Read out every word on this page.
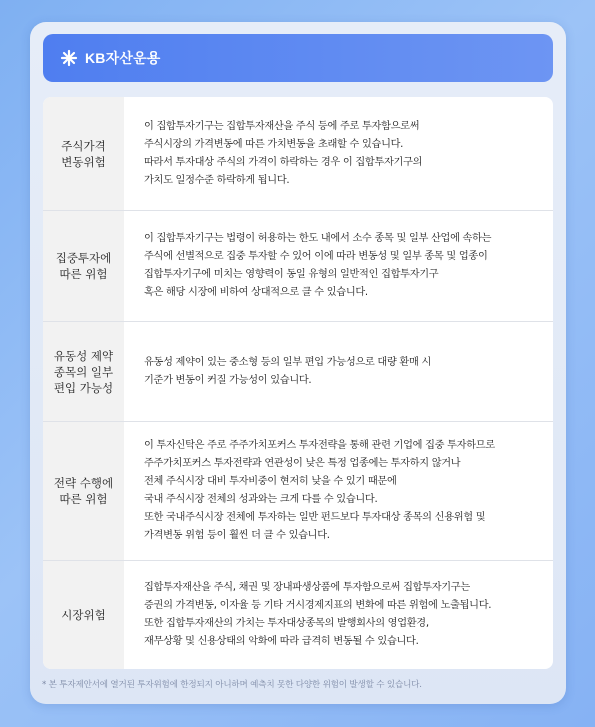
KB자산운용
주식가격
변동위험
이 집합투자기구는 집합투자재산을 주식 등에 주로 투자함으로써
주식시장의 가격변동에 따른 가치변동을 초래할 수 있습니다.
따라서 투자대상 주식의 가격이 하락하는 경우 이 집합투자기구의
가치도 일정수준 하락하게 됩니다.
집중투자에
따른 위험
이 집합투자기구는 법령이 허용하는 한도 내에서 소수 종목 및 일부 산업에 속하는
주식에 선별적으로 집중 투자할 수 있어 이에 따라 변동성 및 일부 종목 및 업종이
집합투자기구에 미치는 영향력이 동일 유형의 일반적인 집합투자기구
혹은 해당 시장에 비하여 상대적으로 클 수 있습니다.
유동성 제약
종목의 일부
편입 가능성
유동성 제약이 있는 중소형 등의 일부 편입 가능성으로 대량 환매 시
기준가 변동이 커질 가능성이 있습니다.
전략 수행에
따른 위험
이 투자신탁은 주로 주주가치포커스 투자전략을 통해 관련 기업에 집중 투자하므로
주주가치포커스 투자전략과 연관성이 낮은 특정 업종에는 투자하지 않거나
전체 주식시장 대비 투자비중이 현저히 낮을 수 있기 때문에
국내 주식시장 전체의 성과와는 크게 다를 수 있습니다.
또한 국내주식시장 전체에 투자하는 일반 펀드보다 투자대상 종목의 신용위험 및
가격변동 위험 등이 훨씬 더 클 수 있습니다.
시장위험
집합투자재산을 주식, 채권 및 장내파생상품에 투자함으로써 집합투자기구는
증권의 가격변동, 이자율 등 기타 거시경제지표의 변화에 따른 위험에 노출됩니다.
또한 집합투자재산의 가치는 투자대상종목의 발행회사의 영업환경,
재무상황 및 신용상태의 악화에 따라 급격히 변동될 수 있습니다.
* 본 투자제안서에 열거된 투자위험에 한정되지 아니하며 예측치 못한 다양한 위험이 발생할 수 있습니다.
